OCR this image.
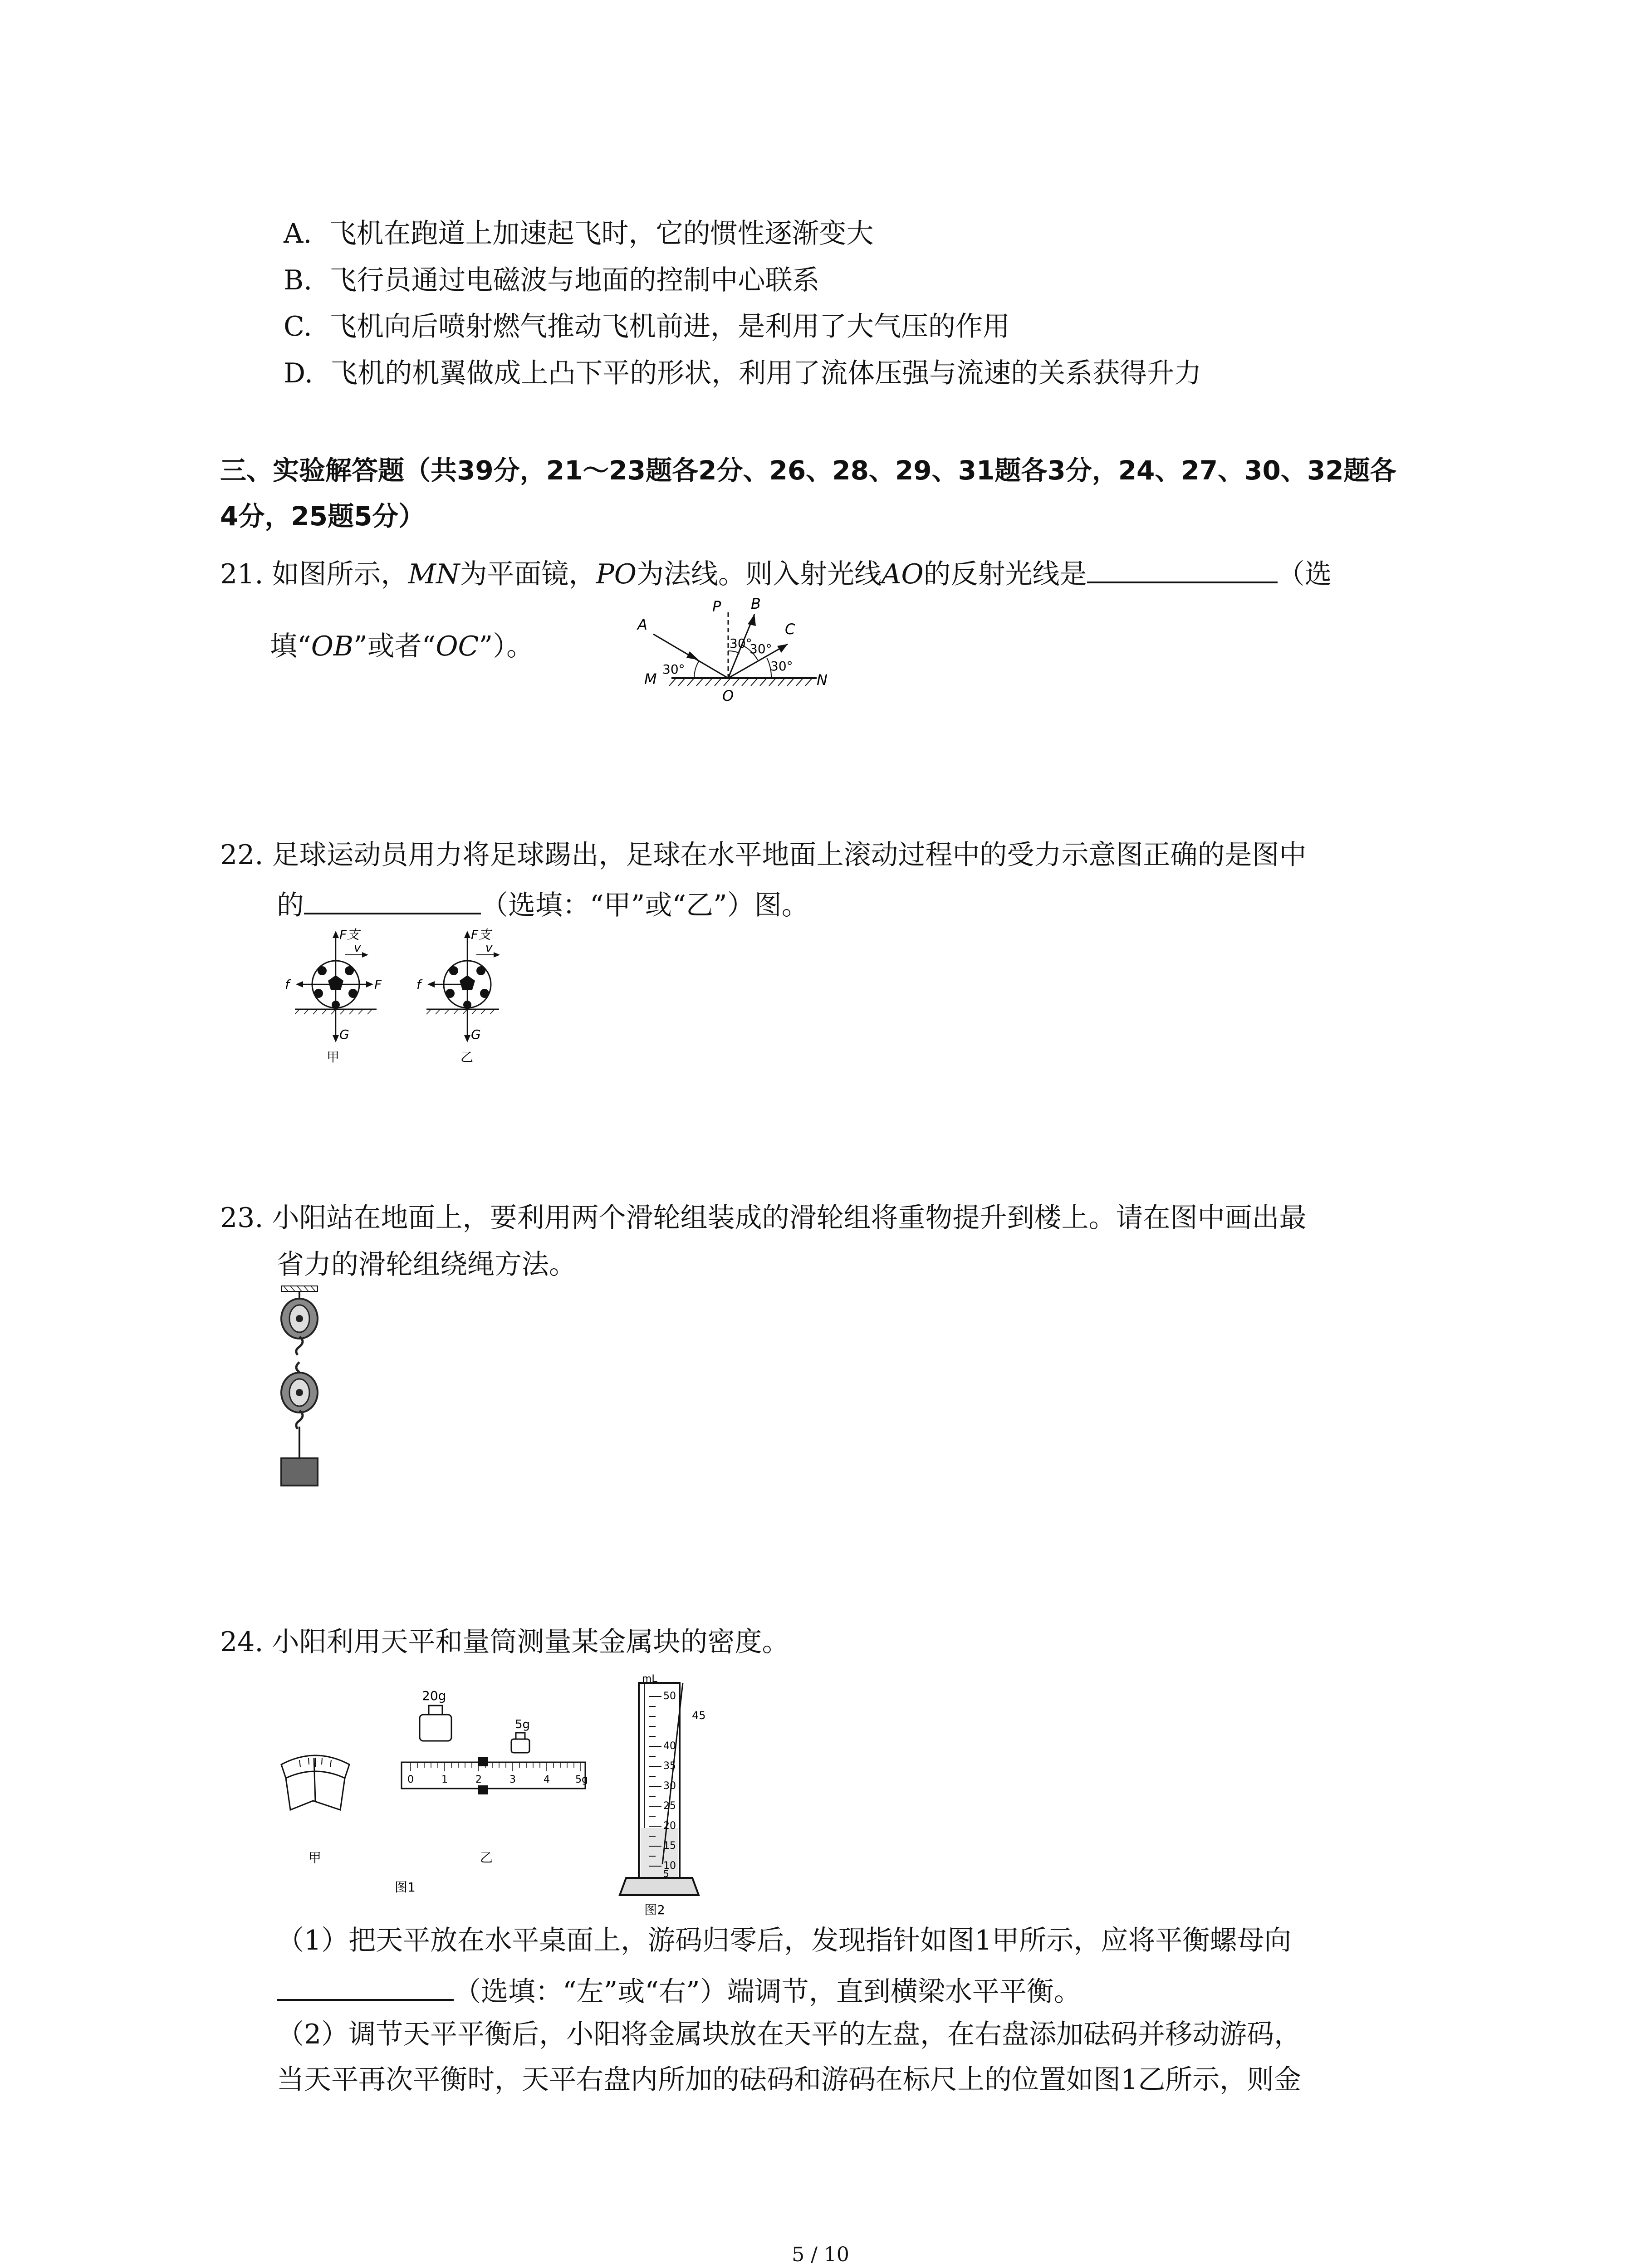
A. 飞机在跑道上加速起飞时，它的惯性逐渐变大
B. 飞行员通过电磁波与地面的控制中心联系
C. 飞机向后喷射燃气推动飞机前进，是利用了大气压的作用
D. 飞机的机翼做成上凸下平的形状，利用了流体压强与流速的关系获得升力
三、实验解答题（共39分，21～23题各2分、26、28、29、31题各3分，24、27、30、32题各
4分，25题5分）
21. 如图所示，MN为平面镜，PO为法线。则入射光线AO的反射光线是	（选
填“OB”或者“OC”）。
P B
A	C
M	N
O
30°
30°
30°
30°
22. 足球运动员用力将足球踢出，足球在水平地面上滚动过程中的受力示意图正确的是图中
的	（选填：“甲”或“乙”）图。
F支
v
f	F
G
甲
F支
v
f
G
乙
23. 小阳站在地面上，要利用两个滑轮组装成的滑轮组将重物提升到楼上。请在图中画出最
省力的滑轮组绕绳方法。
24. 小阳利用天平和量筒测量某金属块的密度。
甲
图1
20g
5g
0	1	2	3	4	5g
乙
mL
50
40
35
30
25
20
15
10
5
45
图2
（1）把天平放在水平桌面上，游码归零后，发现指针如图1甲所示，应将平衡螺母向
（选填：“左”或“右”）端调节，直到横梁水平平衡。
（2）调节天平平衡后，小阳将金属块放在天平的左盘，在右盘添加砝码并移动游码，
当天平再次平衡时，天平右盘内所加的砝码和游码在标尺上的位置如图1乙所示，则金
5 / 10
